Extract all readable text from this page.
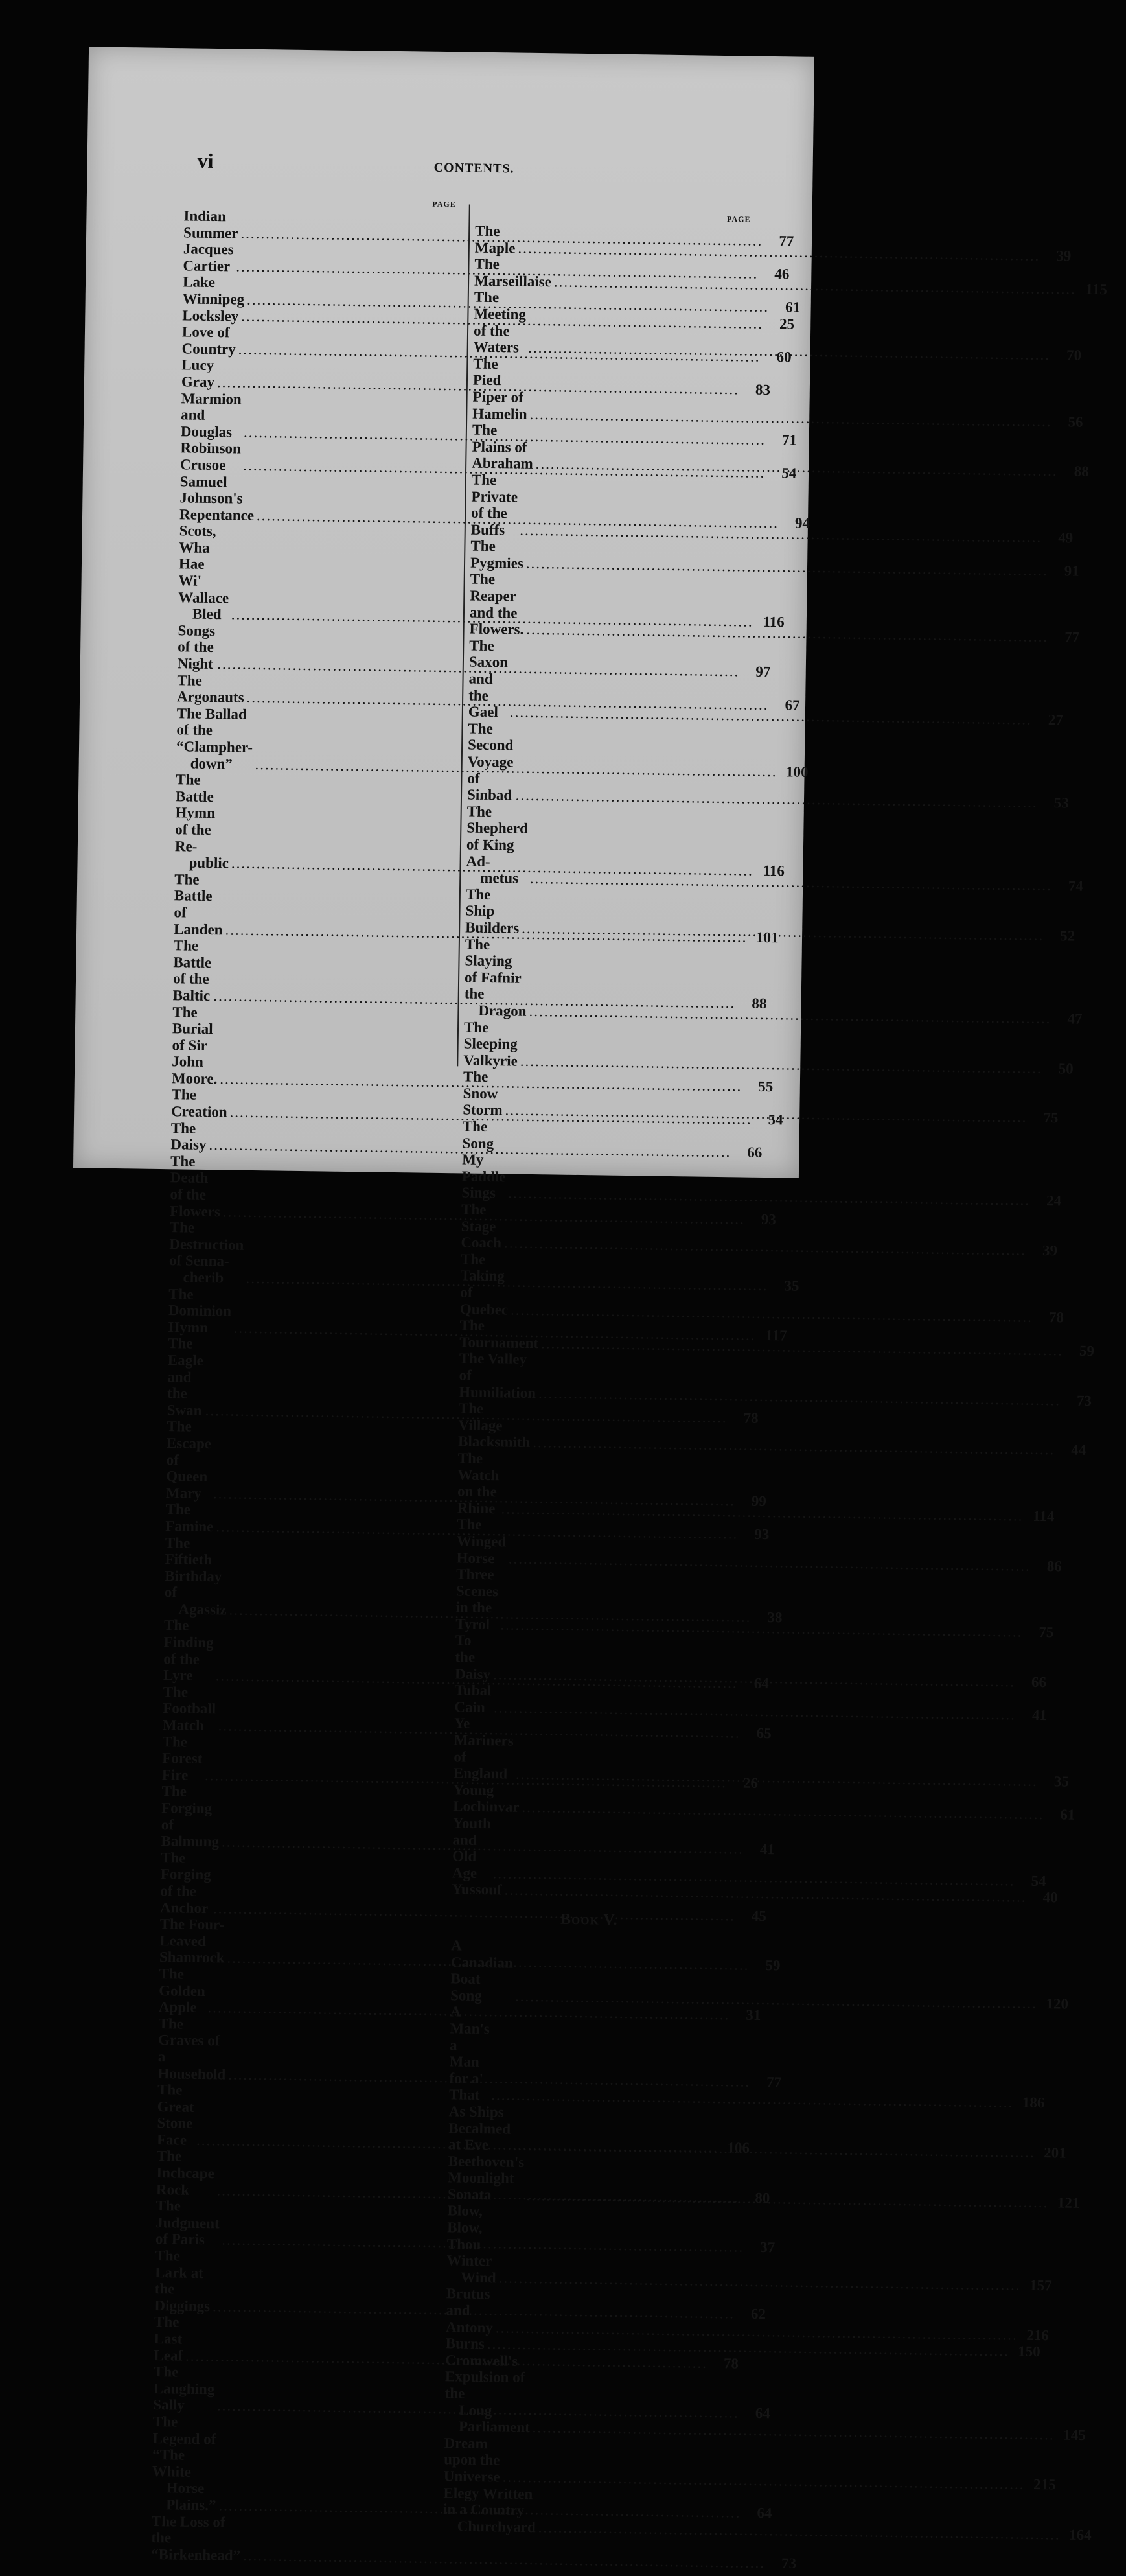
vi	CONTENTS.
PAGE
Indian Summer .....	77
Jacques Cartier .....	46
Lake Winnipeg .....	61
Locksley .....	25
Love of Country .....	60
Lucy Gray .....	83
Marmion and Douglas .....	71
Robinson Crusoe .....	54
Samuel Johnson's Repentance .....	94
Scots, Wha Hae Wi' Wallace
Bled .....	116
Songs of the Night .....	97
The Argonauts .....	67
The Ballad of the “Clampher-
down” .....	100
The Battle Hymn of the Re-
public .....	116
The Battle of Landen .....	101
The Battle of the Baltic .....	88
The Burial of Sir John Moore. .....	55
The Creation .....	54
The Daisy .....	66
The Death of the Flowers .....	93
The Destruction of Senna-
cherib .....	35
The Dominion Hymn .....	117
The Eagle and the Swan .....	78
The Escape of Queen Mary .....	99
The Famine .....	93
The Fiftieth Birthday of
Agassiz .....	38
The Finding of the Lyre .....	64
The Football Match .....	65
The Forest Fire .....	26
The Forging of Balmung .....	41
The Forging of the Anchor .....	45
The Four-Leaved Shamrock .....	59
The Golden Apple .....	31
The Graves of a Household .....	77
The Great Stone Face .....	106
The Inchcape Rock .....	80
The Judgment of Paris .....	37
The Lark at the Diggings .....	62
The Last Leaf .....	78
The Laughing Sally .....	64
The Legend of “The White
Horse Plains.” .....	64
The Loss of the “Birkenhead” .....	73
PAGE
The Maple .....	39
The Marseillaise .....	115
The Meeting of the Waters .....	70
The Pied Piper of Hamelin .....	56
The Plains of Abraham .....	88
The Private of the Buffs .....	49
The Pygmies .....	91
The Reaper and the Flowers. .....	77
The Saxon and the Gael .....	27
The Second Voyage of Sinbad .....	53
The Shepherd of King Ad-
metus .....	74
The Ship Builders .....	52
The Slaying of Fafnir the
Dragon .....	47
The Sleeping Valkyrie .....	50
The Snow Storm .....	75
The Song My Paddle Sings .....	24
The Stage Coach .....	39
The Taking of Quebec .....	78
The Tournament .....	59
The Valley of Humiliation .....	73
The Village Blacksmith .....	44
The Watch on the Rhine .....	114
The Winged Horse .....	86
Three Scenes in the Tyrol .....	75
To the Daisy .....	66
Tubal Cain .....	41
Ye Mariners of England .....	35
Young Lochinvar .....	61
Youth and Old Age .....	54
Yussouf .....	40
Book V.
A Canadian Boat Song .....	120
A Man's a Man for a' That .....	186
As Ships Becalmed at Eve .....	201
Beethoven's Moonlight Sonata .....	121
Blow, Blow, Thou Winter
Wind .....	157
Brutus and Antony .....	216
Burns .....	150
Cromwell's Expulsion of the
Long Parliament .....	145
Dream upon the Universe .....	215
Elegy Written in a Country
Churchyard .....	164
